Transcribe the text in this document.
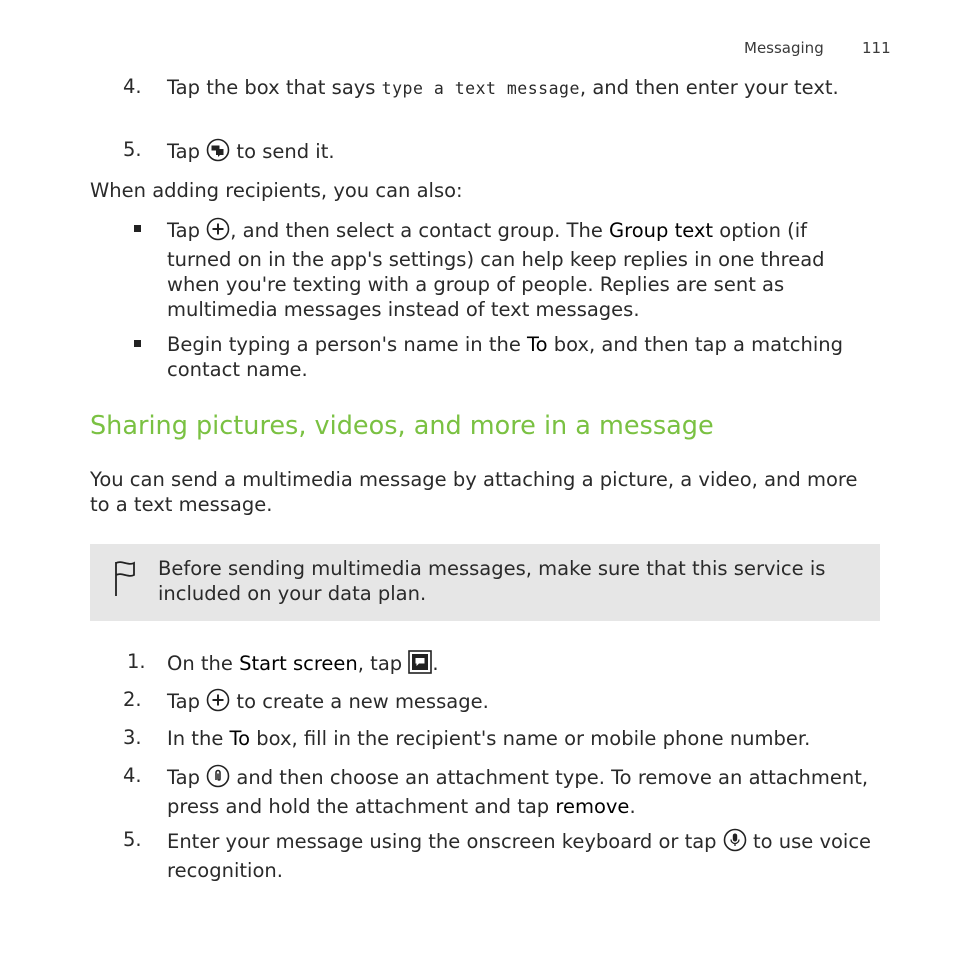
Messaging	111
4.	Tap the box that says type a text message, and then enter your text.
5.	Tap  to send it.
When adding recipients, you can also:
Tap , and then select a contact group. The Group text option (if turned on in the app's settings) can help keep replies in one thread when you're texting with a group of people. Replies are sent as multimedia messages instead of text messages.
Begin typing a person's name in the To box, and then tap a matching contact name.
Sharing pictures, videos, and more in a message
You can send a multimedia message by attaching a picture, a video, and more to a text message.
Before sending multimedia messages, make sure that this service is included on your data plan.
1.	On the Start screen, tap .
2.	Tap  to create a new message.
3.	In the To box, fill in the recipient's name or mobile phone number.
4.	Tap  and then choose an attachment type. To remove an attachment, press and hold the attachment and tap remove.
5.	Enter your message using the onscreen keyboard or tap  to use voice recognition.
